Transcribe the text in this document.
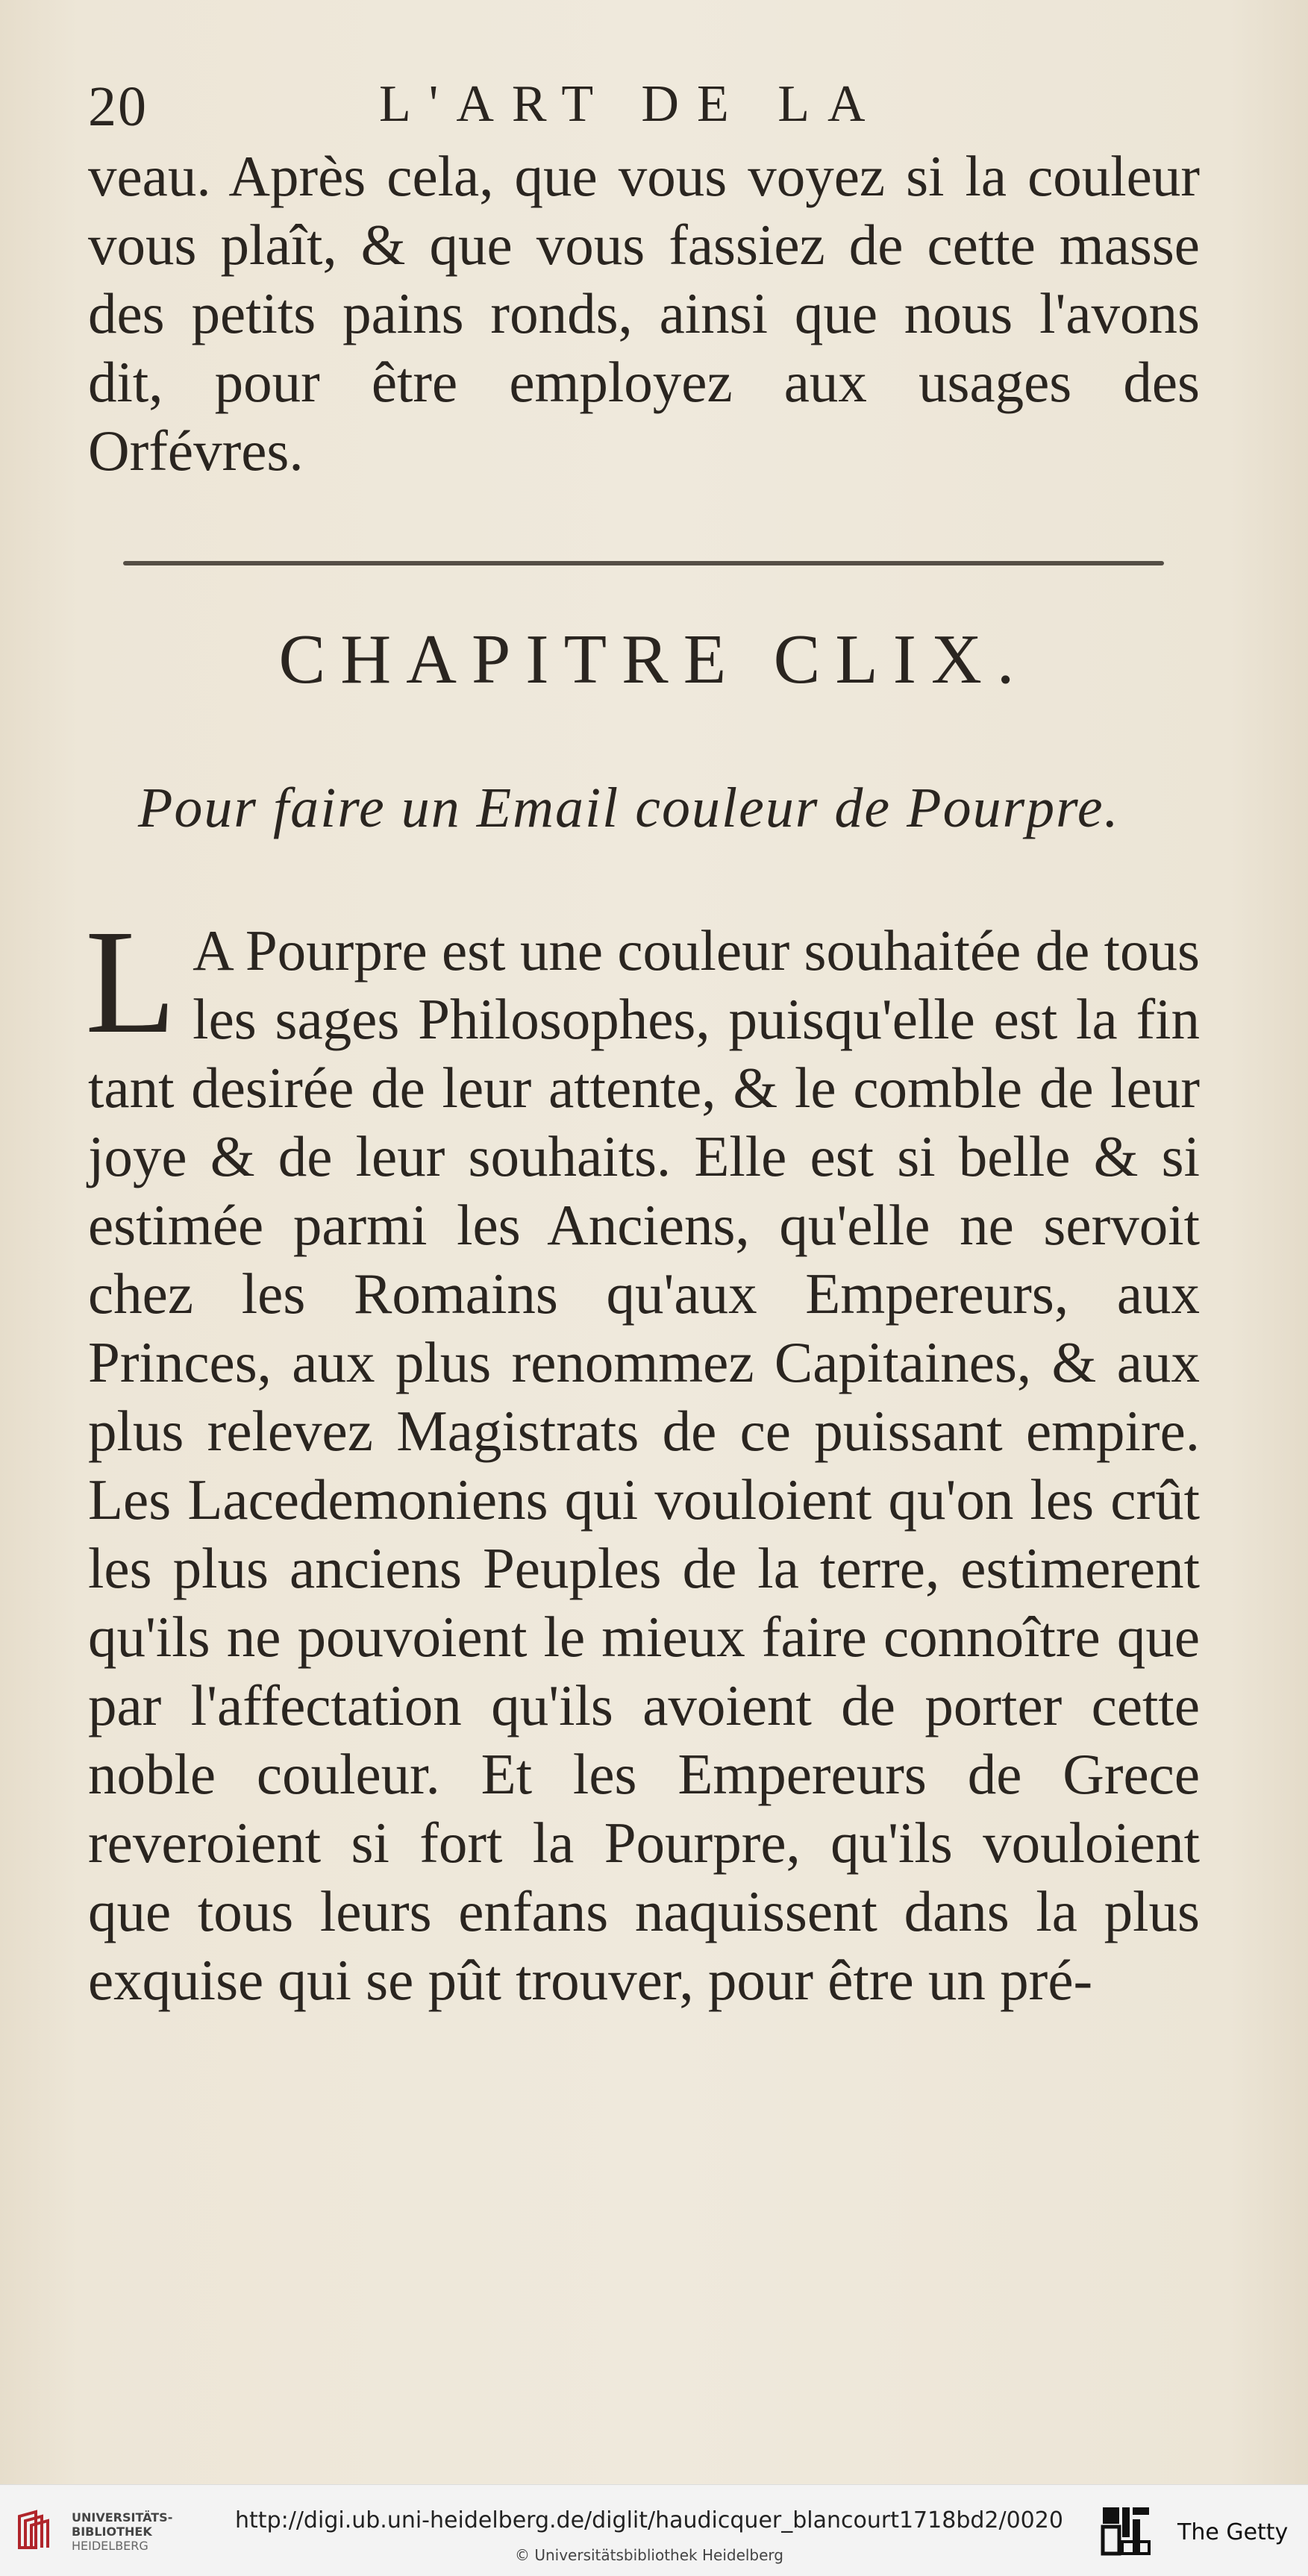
20	L'ART DE LA

veau. Après cela, que vous voyez si la couleur vous plaît, & que vous fassiez de cette masse des petits pains ronds, ainsi que nous l'avons dit, pour être employez aux usages des Orfévres.

CHAPITRE CLIX.
Pour faire un Email couleur de Pourpre.
L A Pourpre est une couleur souhaitée de tous les sages Philosophes, puisqu'elle est la fin tant desirée de leur attente, & le comble de leur joye & de leur souhaits. Elle est si belle & si estimée parmi les Anciens, qu'elle ne servoit chez les Romains qu'aux Empereurs, aux Princes, aux plus renommez Capitaines, & aux plus relevez Magistrats de ce puissant empire. Les Lacedemoniens qui vouloient qu'on les crût les plus anciens Peuples de la terre, estimerent qu'ils ne pouvoient le mieux faire connoître que par l'affectation qu'ils avoient de porter cette noble couleur. Et les Empereurs de Grece reveroient si fort la Pourpre, qu'ils vouloient que tous leurs enfans naquissent dans la plus exquise qui se pût trouver, pour être un pré-

UNIVERSITÄTS-
BIBLIOTHEK
HEIDELBERG
http://digi.ub.uni-heidelberg.de/diglit/haudicquer_blancourt1718bd2/0020
© Universitätsbibliothek Heidelberg
The Getty
